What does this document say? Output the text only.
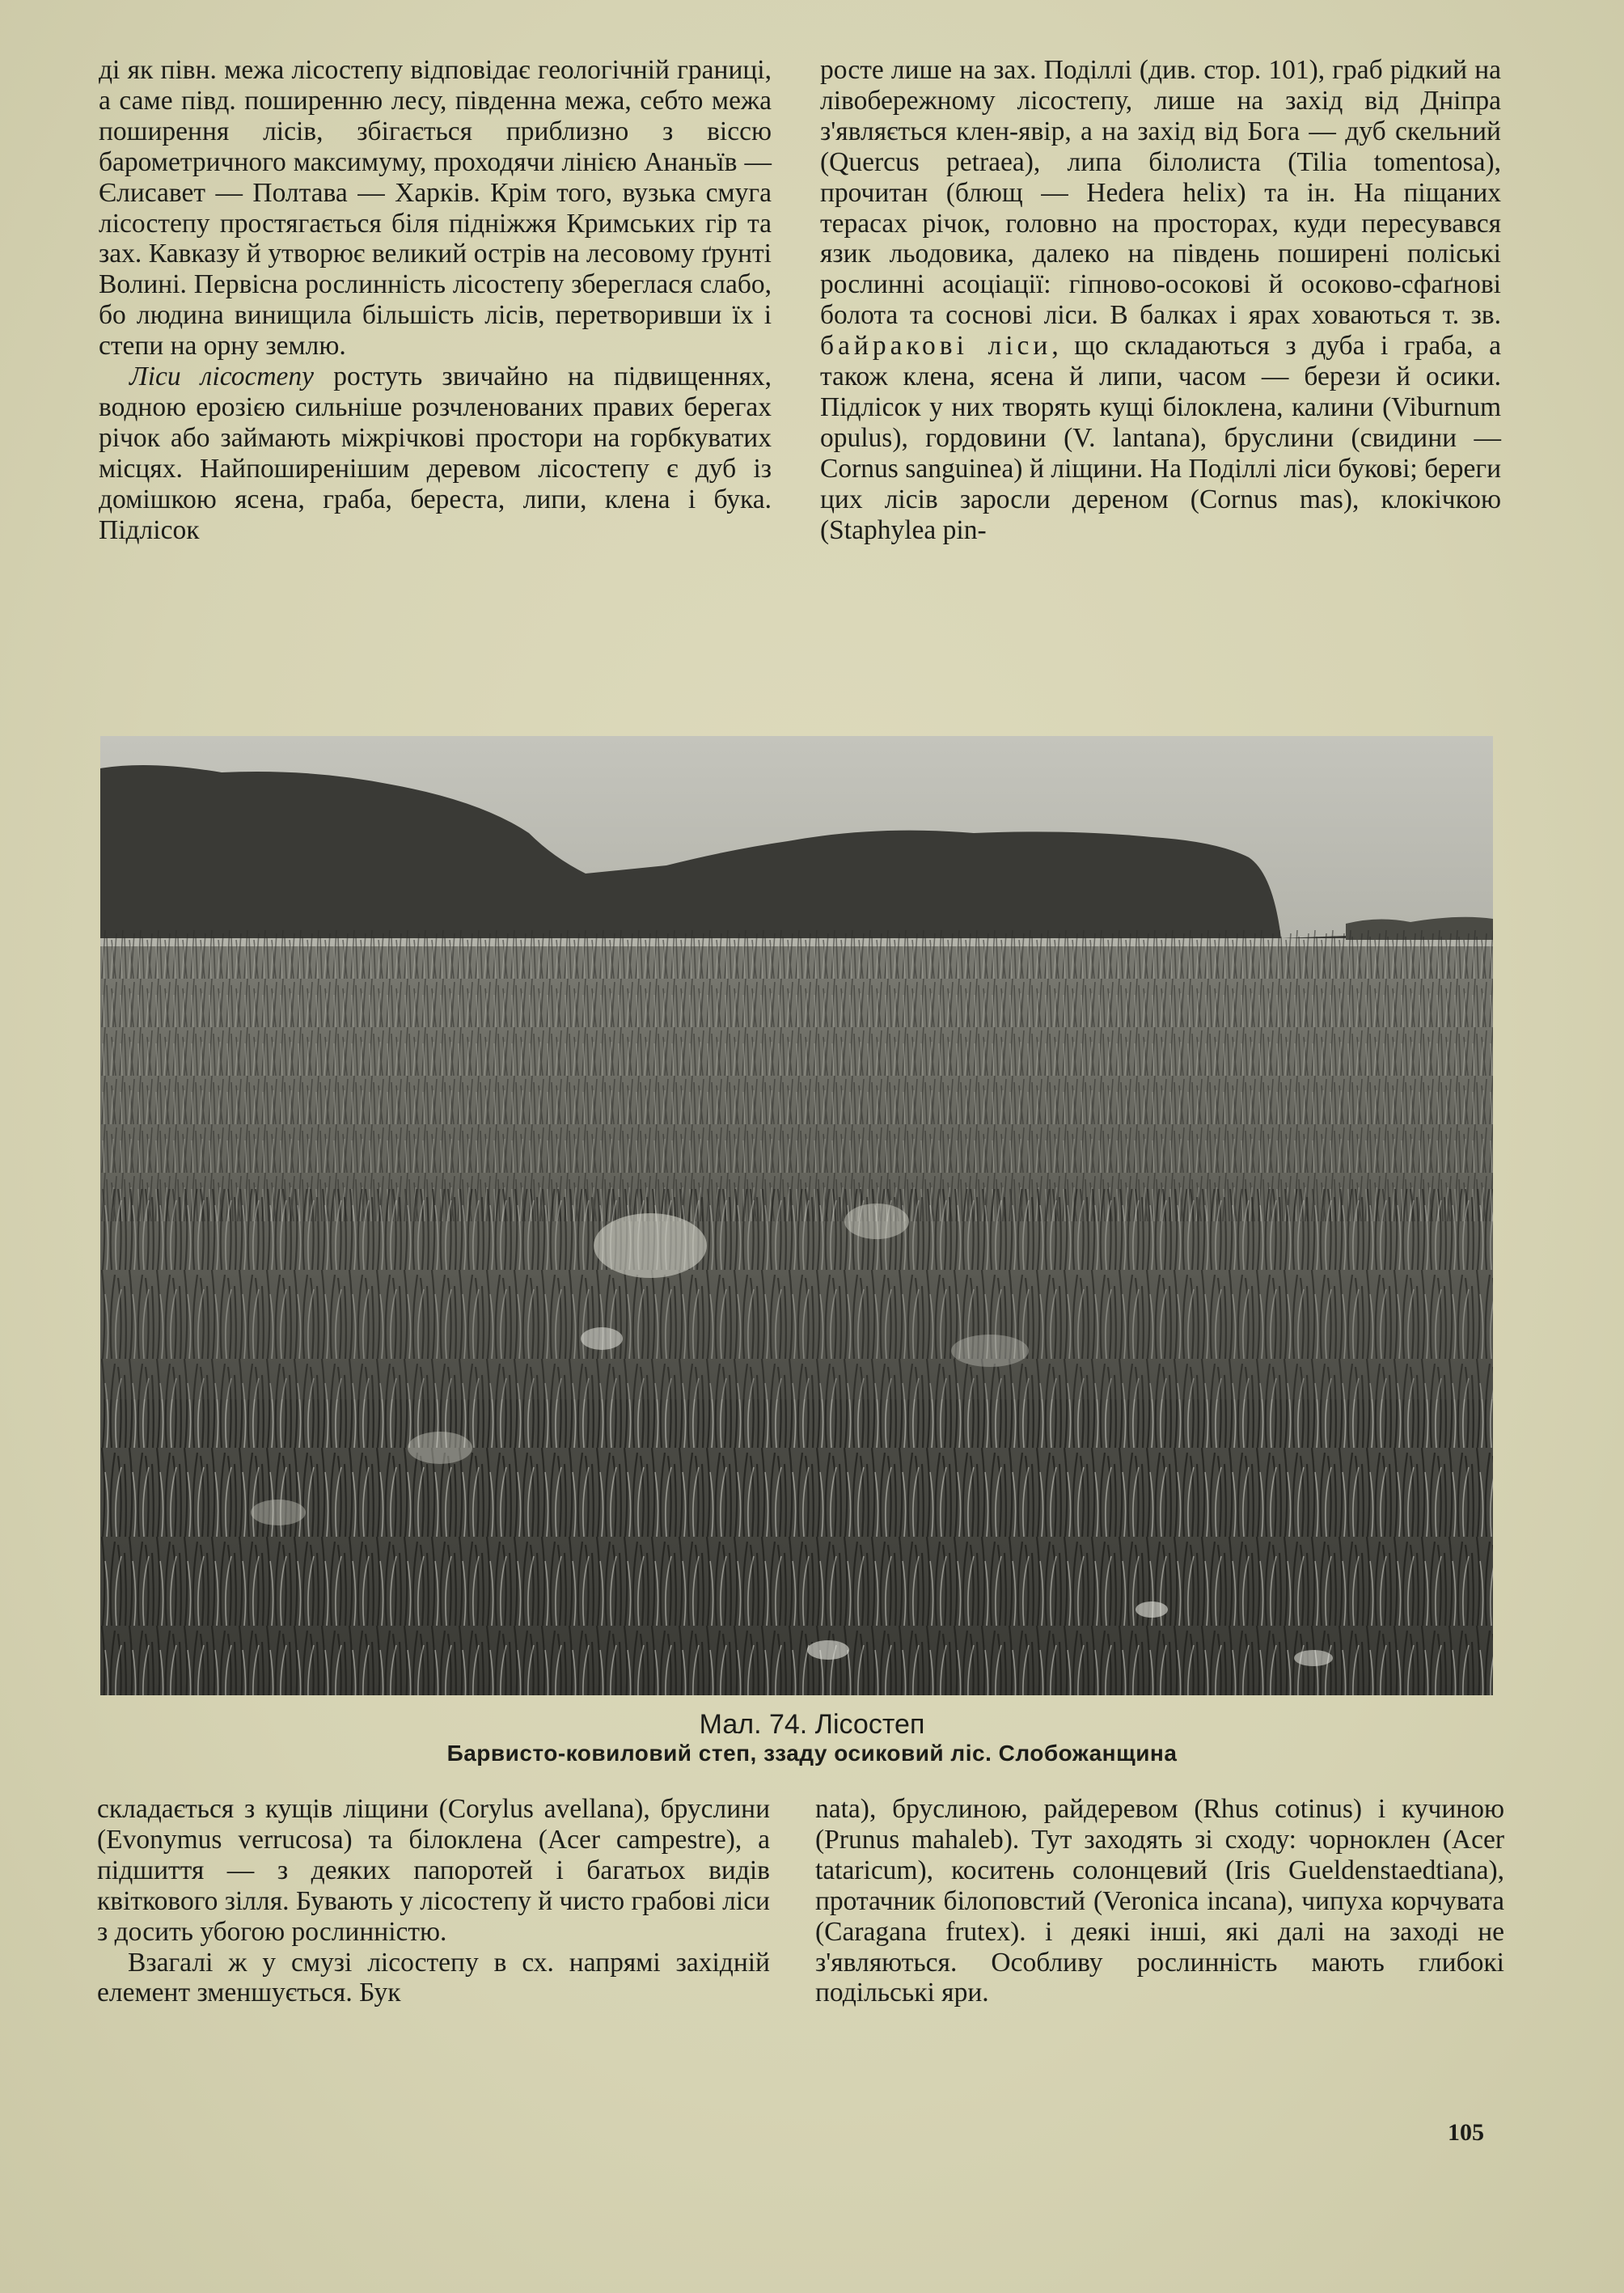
ді як півн. межа лісостепу відповідає геологічній границі, а саме півд. поширенню лесу, південна межа, себто межа поширення лісів, збігається приблизно з віссю барометричного максимуму, проходячи лінією Ананьїв — Єлисавет — Полтава — Харків. Крім того, вузька смуга лісостепу простягається біля підніжжя Кримських гір та зах. Кавказу й утворює великий острів на лесовому ґрунті Волині. Первісна рослинність лісостепу збереглася слабо, бо людина винищила більшість лісів, перетворивши їх і степи на орну землю.

Ліси лісостепу ростуть звичайно на підвищеннях, водною ерозією сильніше розчленованих правих берегах річок або займають міжрічкові простори на горбкуватих місцях. Найпоширенішим деревом лісостепу є дуб із домішкою ясена, граба, береста, липи, клена і бука. Підлісок

росте лише на зах. Поділлі (див. стор. 101), граб рідкий на лівобережному лісостепу, лише на захід від Дніпра з'являється клен-явір, а на захід від Бога — дуб скельний (Quercus petraea), липа білолиста (Tilia tomentosa), прочитан (блющ — Hedera helix) та ін. На піщаних терасах річок, головно на просторах, куди пересувався язик льодовика, далеко на південь поширені поліські рослинні асоціації: гіпново-осокові й осоково-сфаґнові болота та соснові ліси. В балках і ярах ховаються т. зв. байракові ліси, що складаються з дуба і граба, а також клена, ясена й липи, часом — берези й осики. Підлісок у них творять кущі білоклена, калини (Viburnum opulus), гордовини (V. lantana), бруслини (свидини — Cornus sanguinea) й ліщини. На Поділлі ліси букові; береги цих лісів заросли дереном (Cornus mas), клокічкою (Staphylea pin-

Мал. 74. Лісостеп
Барвисто-ковиловий степ, ззаду осиковий ліс. Слобожанщина

складається з кущів ліщини (Corylus avellana), бруслини (Evonymus verrucosa) та білоклена (Acer campestre), а підшиття — з деяких папоротей і багатьох видів квіткового зілля. Бувають у лісостепу й чисто грабові ліси з досить убогою рослинністю.

Взагалі ж у смузі лісостепу в сх. напрямі західній елемент зменшується. Бук

nata), бруслиною, райдеревом (Rhus cotinus) і кучиною (Prunus mahaleb). Тут заходять зі сходу: чорноклен (Acer tataricum), коситень солонцевий (Iris Gueldenstaedtiana), протачник білоповстий (Veronica incana), чипуха корчувата (Caragana frutex). і деякі інші, які далі на заході не з'являються. Особливу рослинність мають глибокі подільські яри.

105
